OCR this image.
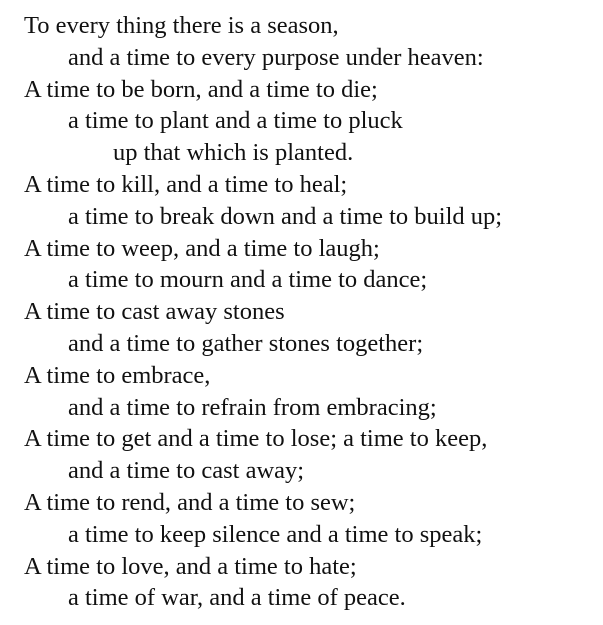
To every thing there is a season,
and a time to every purpose under heaven:
A time to be born, and a time to die;
a time to plant and a time to pluck
up that which is planted.
A time to kill, and a time to heal;
a time to break down and a time to build up;
A time to weep, and a time to laugh;
a time to mourn and a time to dance;
A time to cast away stones
and a time to gather stones together;
A time to embrace,
and a time to refrain from embracing;
A time to get and a time to lose; a time to keep,
and a time to cast away;
A time to rend, and a time to sew;
a time to keep silence and a time to speak;
A time to love, and a time to hate;
a time of war, and a time of peace.
